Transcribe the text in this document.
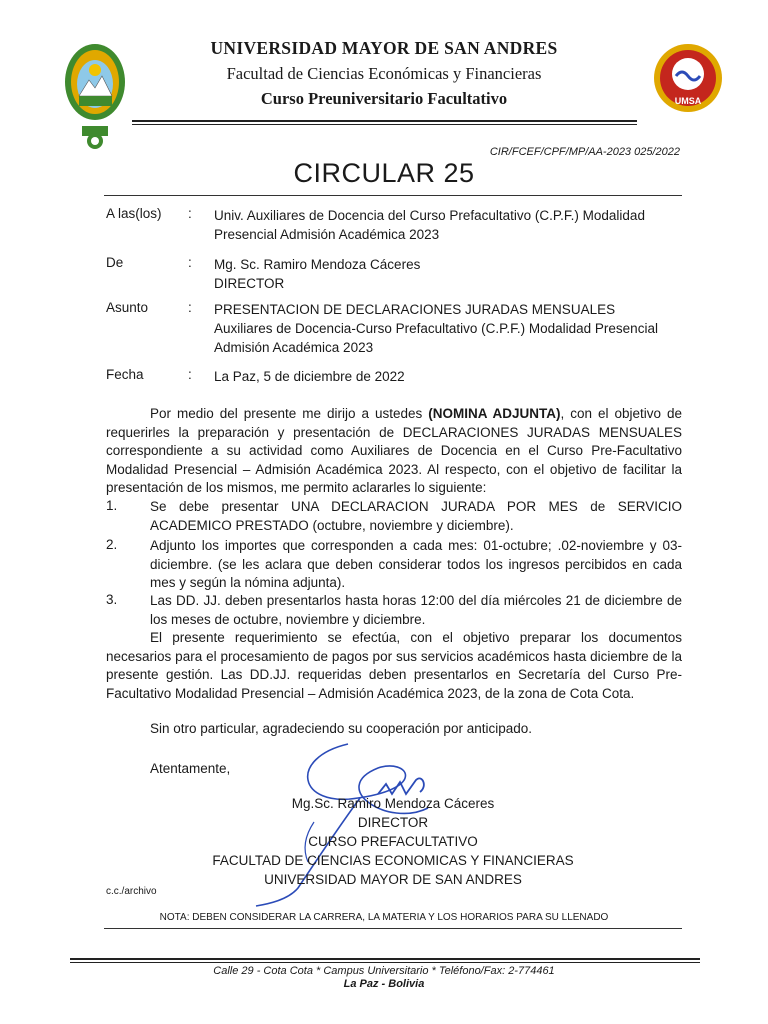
UMSA
UNIVERSIDAD MAYOR DE SAN ANDRES
Facultad de Ciencias Económicas y Financieras
Curso Preuniversitario Facultativo
CIR/FCEF/CPF/MP/AA-2023 025/2022
CIRCULAR 25
A las(los) : Univ. Auxiliares de Docencia del Curso Prefacultativo (C.P.F.) Modalidad Presencial Admisión Académica 2023
De	: Mg. Sc. Ramiro Mendoza Cáceres
DIRECTOR
Asunto	: PRESENTACION DE DECLARACIONES JURADAS MENSUALES
Auxiliares de Docencia-Curso Prefacultativo (C.P.F.) Modalidad Presencial Admisión Académica 2023
Fecha	: La Paz, 5 de diciembre de 2022
Por medio del presente me dirijo a ustedes (NOMINA ADJUNTA), con el objetivo de requerirles la preparación y presentación de DECLARACIONES JURADAS MENSUALES correspondiente a su actividad como Auxiliares de Docencia en el Curso Pre-Facultativo Modalidad Presencial – Admisión Académica 2023. Al respecto, con el objetivo de facilitar la presentación de los mismos, me permito aclararles lo siguiente:
1. Se debe presentar UNA DECLARACION JURADA POR MES de SERVICIO ACADEMICO PRESTADO (octubre, noviembre y diciembre).
2. Adjunto los importes que corresponden a cada mes: 01-octubre; .02-noviembre y 03-diciembre. (se les aclara que deben considerar todos los ingresos percibidos en cada mes y según la nómina adjunta).
3. Las DD. JJ. deben presentarlos hasta horas 12:00 del día miércoles 21 de diciembre de los meses de octubre, noviembre y diciembre.
El presente requerimiento se efectúa, con el objetivo preparar los documentos necesarios para el procesamiento de pagos por sus servicios académicos hasta diciembre de la presente gestión. Las DD.JJ. requeridas deben presentarlos en Secretaría del Curso Pre-Facultativo Modalidad Presencial – Admisión Académica 2023, de la zona de Cota Cota.
Sin otro particular, agradeciendo su cooperación por anticipado.
Atentamente,
Mg.Sc. Ramiro Mendoza Cáceres
DIRECTOR
CURSO PREFACULTATIVO
FACULTAD DE CIENCIAS ECONOMICAS Y FINANCIERAS
UNIVERSIDAD MAYOR DE SAN ANDRES
c.c./archivo
NOTA: DEBEN CONSIDERAR LA CARRERA, LA MATERIA Y LOS HORARIOS PARA SU LLENADO
Calle 29 - Cota Cota * Campus Universitario * Teléfono/Fax: 2-774461
La Paz - Bolivia
